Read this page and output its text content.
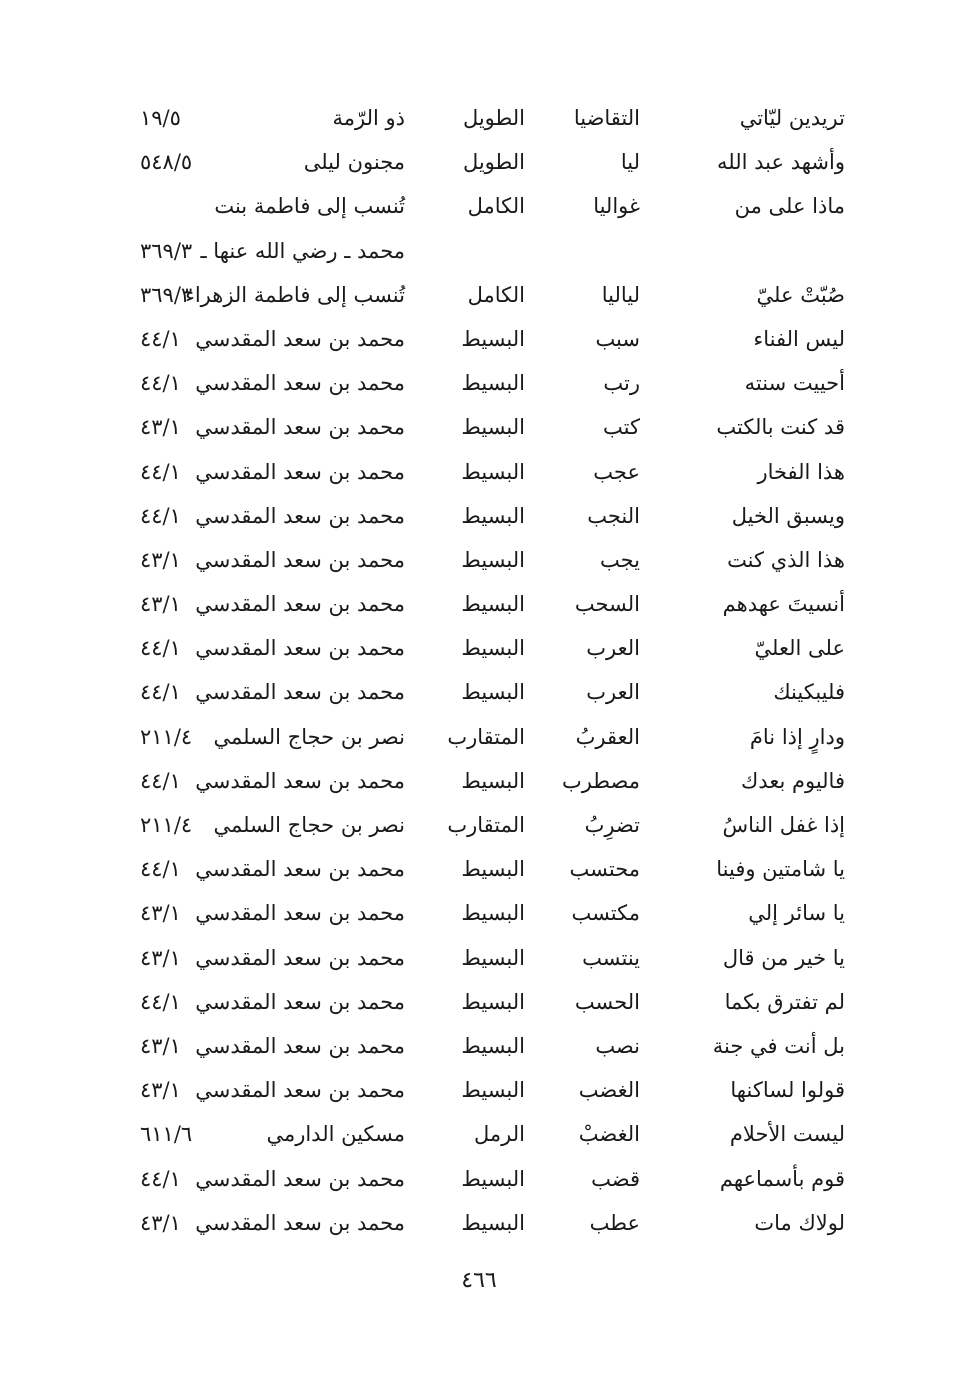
تريدين ليّاتي
التقاضيا
الطويل
ذو الرّمة
١٩/٥
وأشهد عبد الله
ليا
الطويل
مجنون ليلى
٥٤٨/٥
ماذا على من
غواليا
الكامل
تُنسب إلى فاطمة بنت
محمد ـ رضي الله عنها ـ
٣٦٩/٣
صُبّتْ عليّ
لياليا
الكامل
تُنسب إلى فاطمة الزهراء
٣٦٩/٣
ليس الفناء
سبب
البسيط
محمد بن سعد المقدسي
٤٤/١
أحييت سنته
رتب
البسيط
محمد بن سعد المقدسي
٤٤/١
قد كنت بالكتب
كتب
البسيط
محمد بن سعد المقدسي
٤٣/١
هذا الفخار
عجب
البسيط
محمد بن سعد المقدسي
٤٤/١
ويسبق الخيل
النجب
البسيط
محمد بن سعد المقدسي
٤٤/١
هذا الذي كنت
يجب
البسيط
محمد بن سعد المقدسي
٤٣/١
أنسيتَ عهدهم
السحب
البسيط
محمد بن سعد المقدسي
٤٣/١
على العليّ
العرب
البسيط
محمد بن سعد المقدسي
٤٤/١
فليبكينك
العرب
البسيط
محمد بن سعد المقدسي
٤٤/١
ودارٍ إذا نامَ
العقربُ
المتقارب
نصر بن حجاج السلمي
٢١١/٤
فاليوم بعدك
مصطرب
البسيط
محمد بن سعد المقدسي
٤٤/١
إذا غفل الناسُ
تضرِبُ
المتقارب
نصر بن حجاج السلمي
٢١١/٤
يا شامتين وفينا
محتسب
البسيط
محمد بن سعد المقدسي
٤٤/١
يا سائر إلي
مكتسب
البسيط
محمد بن سعد المقدسي
٤٣/١
يا خير من قال
ينتسب
البسيط
محمد بن سعد المقدسي
٤٣/١
لم تفترق بكما
الحسب
البسيط
محمد بن سعد المقدسي
٤٤/١
بل أنت في جنة
نصب
البسيط
محمد بن سعد المقدسي
٤٣/١
قولوا لساكنها
الغضب
البسيط
محمد بن سعد المقدسي
٤٣/١
ليست الأحلام
الغضبْ
الرمل
مسكين الدارمي
٦١١/٦
قوم بأسماعهم
قضب
البسيط
محمد بن سعد المقدسي
٤٤/١
لولاك مات
عطب
البسيط
محمد بن سعد المقدسي
٤٣/١
٤٦٦
